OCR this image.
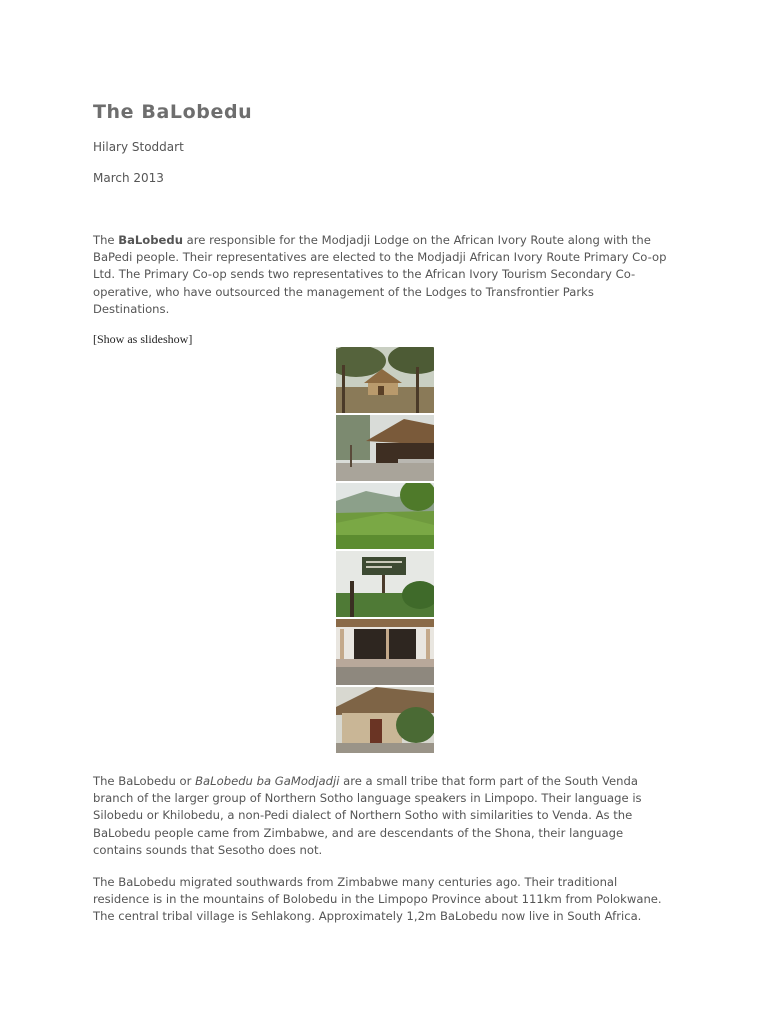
The BaLobedu

Hilary Stoddart

March 2013

The BaLobedu are responsible for the Modjadji Lodge on the African Ivory Route along with the BaPedi people. Their representatives are elected to the Modjadji African Ivory Route Primary Co-op Ltd. The Primary Co-op sends two representatives to the African Ivory Tourism Secondary Co-operative, who have outsourced the management of the Lodges to Transfrontier Parks Destinations.

[Show as slideshow]

The BaLobedu or BaLobedu ba GaModjadji are a small tribe that form part of the South Venda branch of the larger group of Northern Sotho language speakers in Limpopo. Their language is Silobedu or Khilobedu, a non-Pedi dialect of Northern Sotho with similarities to Venda. As the BaLobedu people came from Zimbabwe, and are descendants of the Shona, their language contains sounds that Sesotho does not.

The BaLobedu migrated southwards from Zimbabwe many centuries ago. Their traditional residence is in the mountains of Bolobedu in the Limpopo Province about 111km from Polokwane. The central tribal village is Sehlakong. Approximately 1,2m BaLobedu now live in South Africa.
